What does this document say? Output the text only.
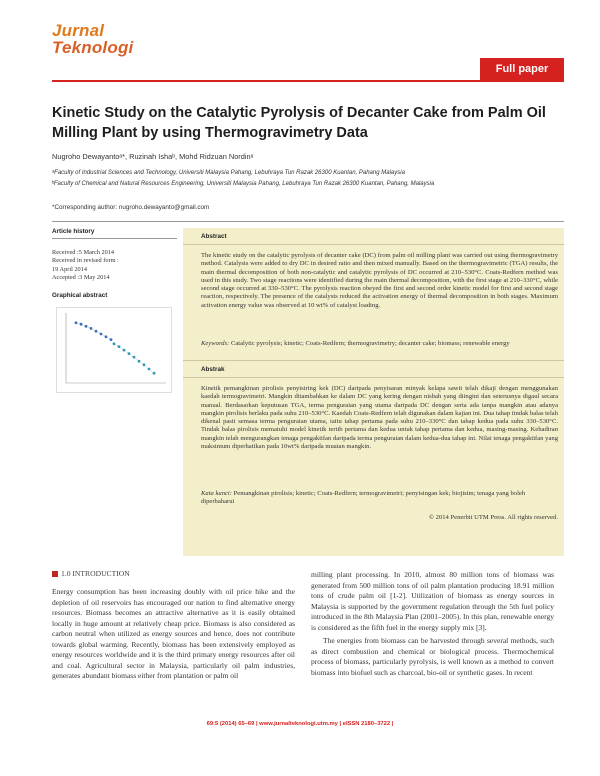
Jurnal
Teknologi
Full paper
Kinetic Study on the Catalytic Pyrolysis of Decanter Cake from Palm Oil Milling Plant by using Thermogravimetry Data
Nugroho Dewayantoᵃ*, Ruzinah Ishaᵇ, Mohd Ridzuan Nordinᵃ
ᵃFaculty of Industrial Sciences and Technology, Universiti Malaysia Pahang, Lebuhraya Tun Razak 26300 Kuantan, Pahang Malaysia
ᵇFaculty of Chemical and Natural Resources Engineering, Universiti Malaysia Pahang, Lebuhraya Tun Razak 26300 Kuantan, Pahang, Malaysia
*Corresponding author: nugroho.dewayanto@gmail.com
Article history

Received :5 March 2014

Received in revised form :

19 April 2014

Accepted :3 May 2014

Graphical abstract
Abstract

The kinetic study on the catalytic pyrolysis of decanter cake (DC) from palm oil milling plant was carried out using thermogravimetry method. Catalysts were added to dry DC in desired ratio and then mixed manually. Based on the thermogravimetric (TGA) results, the main thermal decomposition of both non-catalytic and catalytic pyrolysis of DC occurred at 210–530°C. Coats-Redfern method was used in this study. Two stage reactions were identified during the main thermal decomposition, with the first stage at 210–330°C, while second stage occurred at 330–530°C. The pyrolysis reaction obeyed the first and second order kinetic model for first and second stage reaction, respectively. The presence of the catalysts reduced the activation energy of thermal decomposition in both stages. Maximum activation energy value was observed at 10 wt% of catalyst loading.

Keywords: Catalytic pyrolysis; kinetic; Coats-Redfern; thermogravimetry; decanter cake; biomass; renewable energy
Abstrak

Kinetik pemangkinan pirolisis penyisiring kek (DC) daripada penyisaran minyak kelapa sawit telah dikaji dengan menggunakan kaedah termogravimetri. Mangkin ditambahkan ke dalam DC yang kering dengan nisbah yang diingini dan seterusnya digaul secara manual. Berdasarkan keputusan TGA, terma penguraian yang utama daripada DC dengan serta ada tanpa mangkin atau adanya mangkin pirolisis berlaku pada suhu 210–530°C. Kaedah Coats-Redfern telah digunakan dalam kajian ini. Dua tahap tindak balas telah dikenal pasti semasa terma penguraian utama, iaitu tahap pertama pada suhu 210–330°C dan tahap kedua pada suhu 330–530°C. Tindak balas pirolisis mematuhi model kinetik tertib pertama dan kedua untuk tahap pertama dan kedua, masing-masing. Kehadiran mangkin telah mengurangkan tenaga pengaktifan daripada terma penguraian dalam kedua-dua tahap ini. Nilai tenaga pengaktifan yang maksimum diperhatikan pada 10wt% daripada muatan mangkin.

Kata kunci: Pemangkinan pirolisis; kinetic; Coats-Redfern; termogravimetri; penyisingan kek; biojisim; tenaga yang boleh diperbaharui
© 2014 Penerbit UTM Press. All rights reserved.
1.0 INTRODUCTION

Energy consumption has been increasing doubly with oil price hike and the depletion of oil reservoirs has encouraged our nation to find alternative energy resources. Biomass becomes an attractive alternative as it is easily obtained locally in huge amount at relatively cheap price. Biomass is also considered as carbon neutral when utilized as energy sources and hence, does not contribute towards global warming. Recently, biomass has been extensively employed as energy resources worldwide and it is the third primary energy resources after oil and coal. Agricultural sector in Malaysia, particularly oil palm industries, generates abundant biomass either from plantation or palm oil

milling plant processing. In 2010, almost 80 million tons of biomass was generated from 500 million tons of oil palm plantation producing 18.91 million tons of crude palm oil [1-2]. Utilization of biomass as energy sources in Malaysia is supported by the government regulation through the 5th fuel policy introduced in the 8th Malaysia Plan (2001–2005). In this plan, renewable energy is considered as the fifth fuel in the energy supply mix [3].

The energies from biomass can be harvested through several methods, such as direct combustion and chemical or biological process. Thermochemical process of biomass, particularly pyrolysis, is well known as a method to convert biomass into biofuel such as charcoal, bio-oil or synthetic gases. In recent

69:5 (2014) 65–69 | www.jurnalteknologi.utm.my | eISSN 2180–3722 |
